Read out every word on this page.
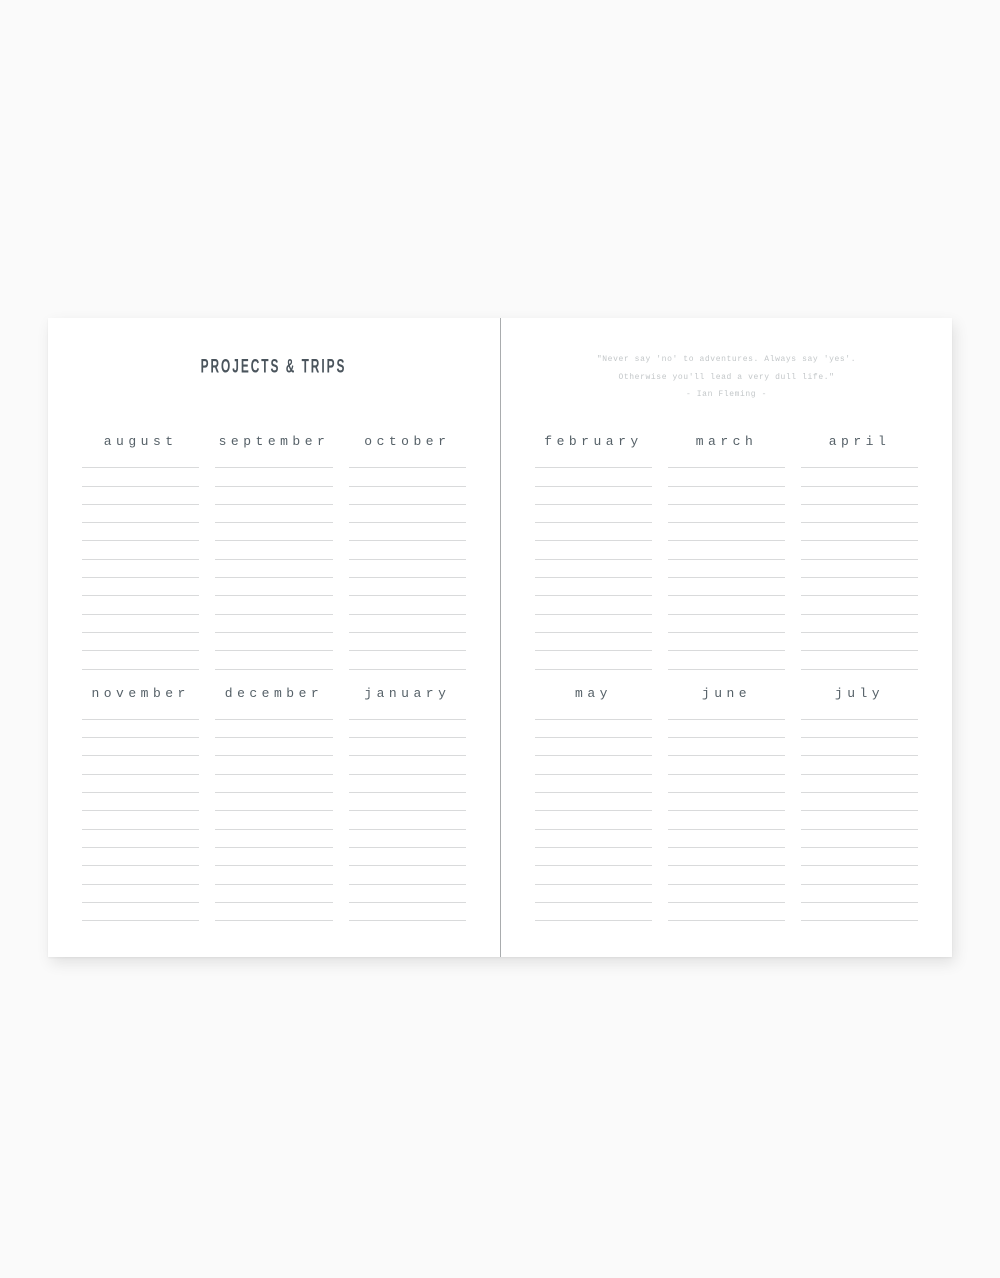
PROJECTS & TRIPS
august	september	october
november	december	january
"Never say 'no' to adventures. Always say 'yes'.
Otherwise you'll lead a very dull life."
- Ian Fleming -
february	march	april
may	june	july
